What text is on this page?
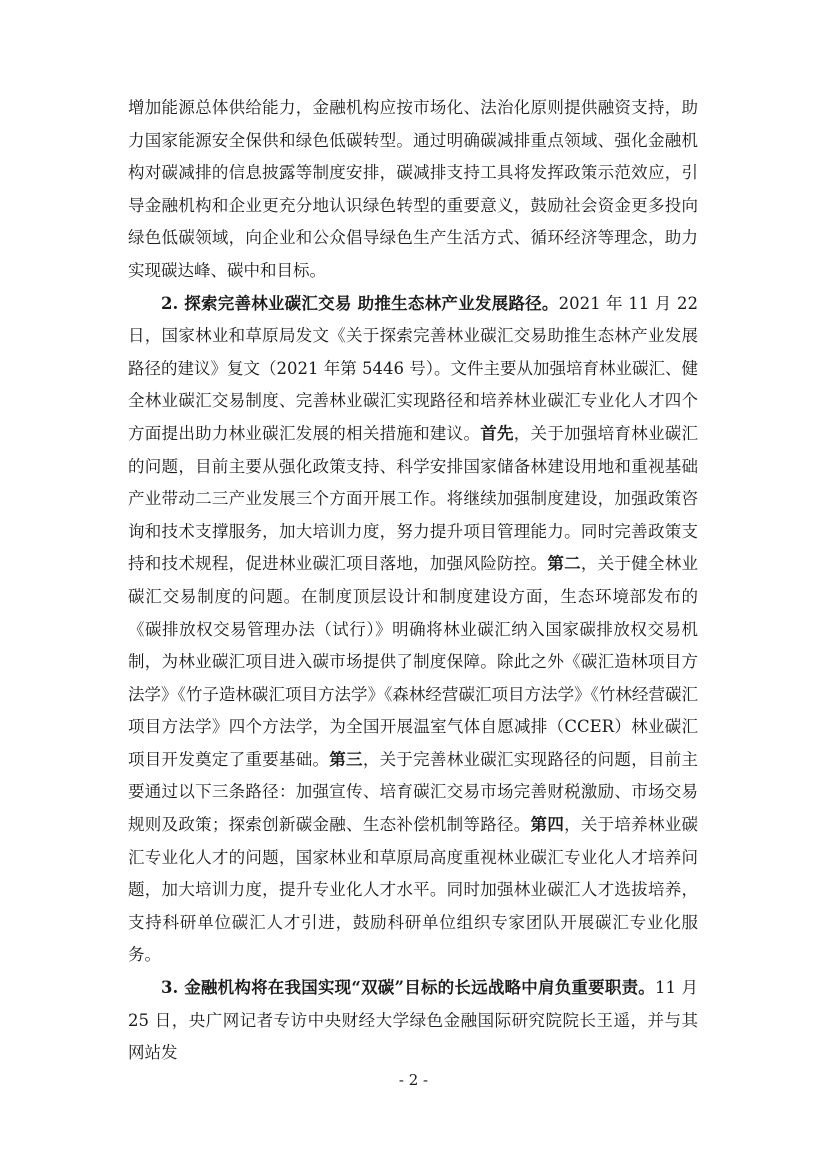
增加能源总体供给能力，金融机构应按市场化、法治化原则提供融资支持，助力国家能源安全保供和绿色低碳转型。通过明确碳减排重点领域、强化金融机构对碳减排的信息披露等制度安排，碳减排支持工具将发挥政策示范效应，引导金融机构和企业更充分地认识绿色转型的重要意义，鼓励社会资金更多投向绿色低碳领域，向企业和公众倡导绿色生产生活方式、循环经济等理念，助力实现碳达峰、碳中和目标。

2. 探索完善林业碳汇交易 助推生态林产业发展路径。2021 年 11 月 22 日，国家林业和草原局发文《关于探索完善林业碳汇交易助推生态林产业发展路径的建议》复文（2021 年第 5446 号）。文件主要从加强培育林业碳汇、健全林业碳汇交易制度、完善林业碳汇实现路径和培养林业碳汇专业化人才四个方面提出助力林业碳汇发展的相关措施和建议。首先，关于加强培育林业碳汇的问题，目前主要从强化政策支持、科学安排国家储备林建设用地和重视基础产业带动二三产业发展三个方面开展工作。将继续加强制度建设，加强政策咨询和技术支撑服务，加大培训力度，努力提升项目管理能力。同时完善政策支持和技术规程，促进林业碳汇项目落地，加强风险防控。第二，关于健全林业碳汇交易制度的问题。在制度顶层设计和制度建设方面，生态环境部发布的《碳排放权交易管理办法（试行）》明确将林业碳汇纳入国家碳排放权交易机制，为林业碳汇项目进入碳市场提供了制度保障。除此之外《碳汇造林项目方法学》《竹子造林碳汇项目方法学》《森林经营碳汇项目方法学》《竹林经营碳汇项目方法学》四个方法学，为全国开展温室气体自愿减排（CCER）林业碳汇项目开发奠定了重要基础。第三，关于完善林业碳汇实现路径的问题，目前主要通过以下三条路径：加强宣传、培育碳汇交易市场完善财税激励、市场交易规则及政策；探索创新碳金融、生态补偿机制等路径。第四，关于培养林业碳汇专业化人才的问题，国家林业和草原局高度重视林业碳汇专业化人才培养问题，加大培训力度，提升专业化人才水平。同时加强林业碳汇人才选拔培养，支持科研单位碳汇人才引进，鼓励科研单位组织专家团队开展碳汇专业化服务。

3. 金融机构将在我国实现“双碳”目标的长远战略中肩负重要职责。11 月 25 日，央广网记者专访中央财经大学绿色金融国际研究院院长王遥，并与其网站发

- 2 -
